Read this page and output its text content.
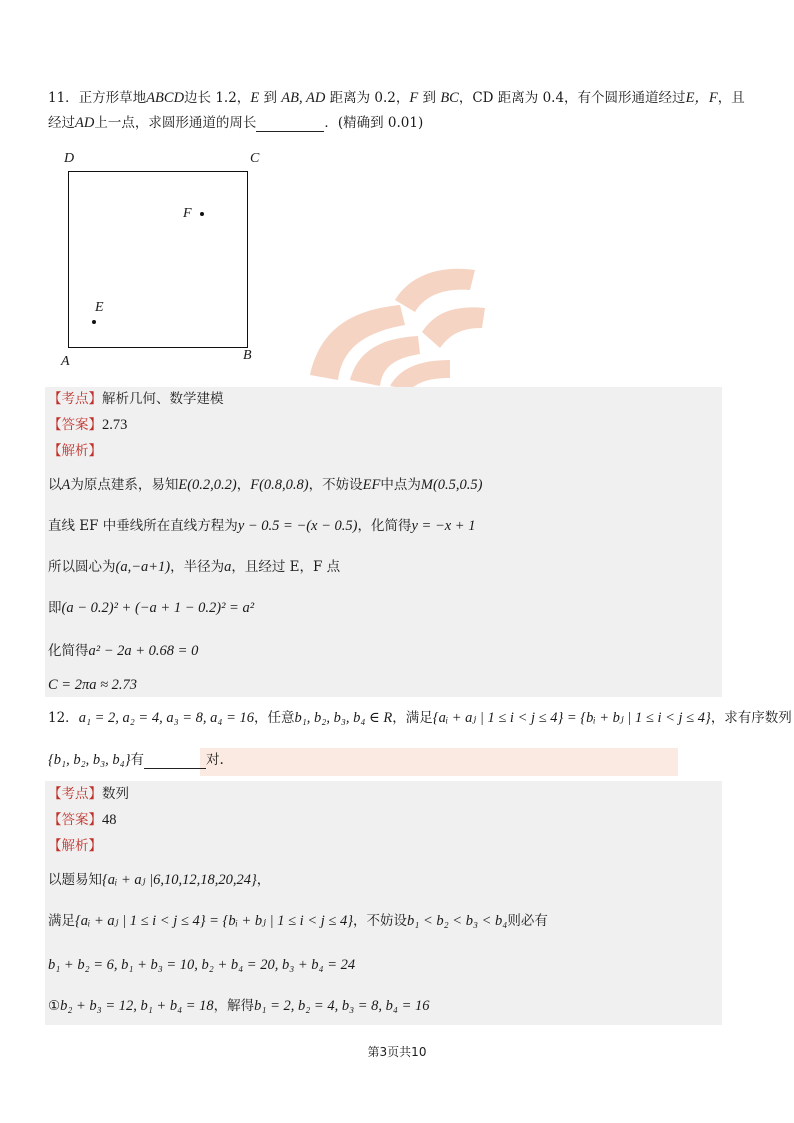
11．正方形草地ABCD边长 1.2，E 到 AB, AD 距离为 0.2，F 到 BC，CD 距离为 0.4，有个圆形通道经过E，F，且
经过AD上一点，求圆形通道的周长	．(精确到 0.01)
D	C
A	B
F
E
【考点】解析几何、数学建模
【答案】2.73
【解析】
以A为原点建系，易知E(0.2,0.2)，F(0.8,0.8)，不妨设EF中点为M(0.5,0.5)
直线 EF 中垂线所在直线方程为y − 0.5 = −(x − 0.5)，化简得y = −x + 1
所以圆心为(a,−a+1)，半径为a，且经过 E，F 点
即(a − 0.2)² + (−a + 1 − 0.2)² = a²
化简得a² − 2a + 0.68 = 0
C = 2πa ≈ 2.73
12．a₁ = 2, a₂ = 4, a₃ = 8, a₄ = 16，任意b₁, b₂, b₃, b₄ ∈ R，满足{aᵢ + aⱼ | 1 ≤ i < j ≤ 4} = {bᵢ + bⱼ | 1 ≤ i < j ≤ 4}，求有序数列
{b₁, b₂, b₃, b₄}有	对.
【考点】数列
【答案】48
【解析】
以题易知{aᵢ + aⱼ |6,10,12,18,20,24}，
满足{aᵢ + aⱼ | 1 ≤ i < j ≤ 4} = {bᵢ + bⱼ | 1 ≤ i < j ≤ 4}，不妨设b₁ < b₂ < b₃ < b₄则必有
b₁ + b₂ = 6, b₁ + b₃ = 10, b₂ + b₄ = 20, b₃ + b₄ = 24
①b₂ + b₃ = 12, b₁ + b₄ = 18，解得b₁ = 2, b₂ = 4, b₃ = 8, b₄ = 16
第3页共10
